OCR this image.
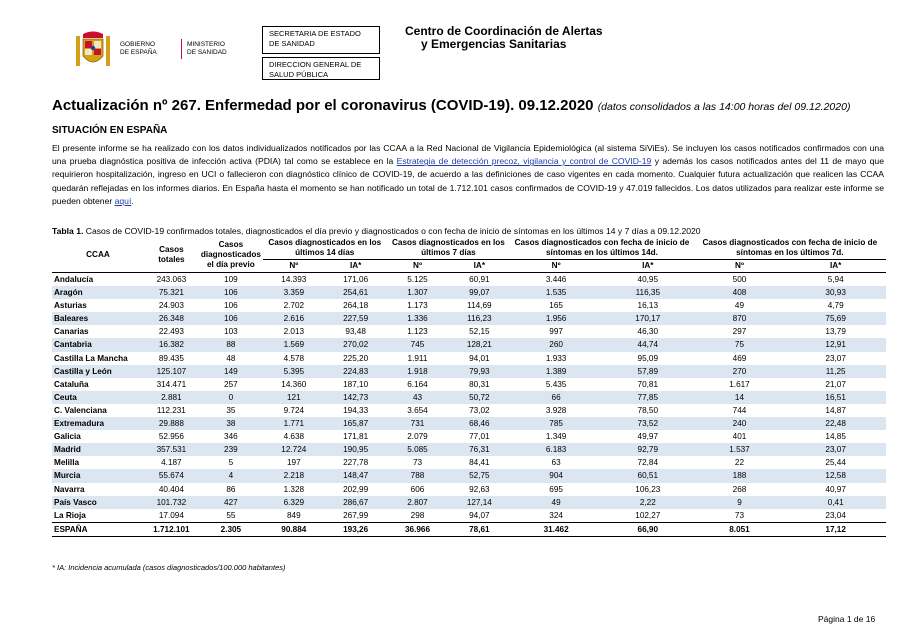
GOBIERNO
DE ESPAÑA
MINISTERIO
DE SANIDAD
SECRETARIA DE ESTADO
DE SANIDAD
DIRECCION GENERAL DE
SALUD PÚBLICA
Centro de Coordinación de Alertas
y Emergencias Sanitarias
Actualización nº 267. Enfermedad por el coronavirus (COVID-19). 09.12.2020 (datos consolidados a las 14:00 horas del 09.12.2020)
SITUACIÓN EN ESPAÑA
El presente informe se ha realizado con los datos individualizados notificados por las CCAA a la Red Nacional de Vigilancia Epidemiológica (al sistema SiViEs). Se incluyen los casos notificados confirmados con una una prueba diagnóstica positiva de infección activa (PDIA) tal como se establece en la Estrategia de detección precoz, vigilancia y control de COVID-19 y además los casos notificados antes del 11 de mayo que requirieron hospitalización, ingreso en UCI o fallecieron con diagnóstico clínico de COVID-19, de acuerdo a las definiciones de caso vigentes en cada momento. Cualquier futura actualización que realicen las CCAA quedarán reflejadas en los informes diarios. En España hasta el momento se han notificado un total de 1.712.101 casos confirmados de COVID-19 y 47.019 fallecidos. Los datos utilizados para realizar este informe se pueden obtener aquí.
Tabla 1. Casos de COVID-19 confirmados totales, diagnosticados el día previo y diagnosticados o con fecha de inicio de síntomas en los últimos 14 y 7 días a 09.12.2020
CCAA	Casos totales	Casos diagnosticados el día previo	Casos diagnosticados en los últimos 14 días		Casos diagnosticados en los últimos 7 días		Casos diagnosticados con fecha de inicio de síntomas en los últimos 14d.		Casos diagnosticados con fecha de inicio de síntomas en los últimos 7d.	
			Nº	IA*	Nº	IA*	Nº	IA*	Nº	IA*
Andalucía	243.063	109	14.393	171,06	5.125	60,91	3.446	40,95	500	5,94
Aragón	75.321	106	3.359	254,61	1.307	99,07	1.535	116,35	408	30,93
Asturias	24.903	106	2.702	264,18	1.173	114,69	165	16,13	49	4,79
Baleares	26.348	106	2.616	227,59	1.336	116,23	1.956	170,17	870	75,69
Canarias	22.493	103	2.013	93,48	1.123	52,15	997	46,30	297	13,79
Cantabria	16.382	88	1.569	270,02	745	128,21	260	44,74	75	12,91
Castilla La Mancha	89.435	48	4.578	225,20	1.911	94,01	1.933	95,09	469	23,07
Castilla y León	125.107	149	5.395	224,83	1.918	79,93	1.389	57,89	270	11,25
Cataluña	314.471	257	14.360	187,10	6.164	80,31	5.435	70,81	1.617	21,07
Ceuta	2.881	0	121	142,73	43	50,72	66	77,85	14	16,51
C. Valenciana	112.231	35	9.724	194,33	3.654	73,02	3.928	78,50	744	14,87
Extremadura	29.888	38	1.771	165,87	731	68,46	785	73,52	240	22,48
Galicia	52.956	346	4.638	171,81	2.079	77,01	1.349	49,97	401	14,85
Madrid	357.531	239	12.724	190,95	5.085	76,31	6.183	92,79	1.537	23,07
Melilla	4.187	5	197	227,78	73	84,41	63	72,84	22	25,44
Murcia	55.674	4	2.218	148,47	788	52,75	904	60,51	188	12,58
Navarra	40.404	86	1.328	202,99	606	92,63	695	106,23	268	40,97
País Vasco	101.732	427	6.329	286,67	2.807	127,14	49	2,22	9	0,41
La Rioja	17.094	55	849	267,99	298	94,07	324	102,27	73	23,04
ESPAÑA	1.712.101	2.305	90.884	193,26	36.966	78,61	31.462	66,90	8.051	17,12
* IA: Incidencia acumulada (casos diagnosticados/100.000 habitantes)
Página 1 de 16
